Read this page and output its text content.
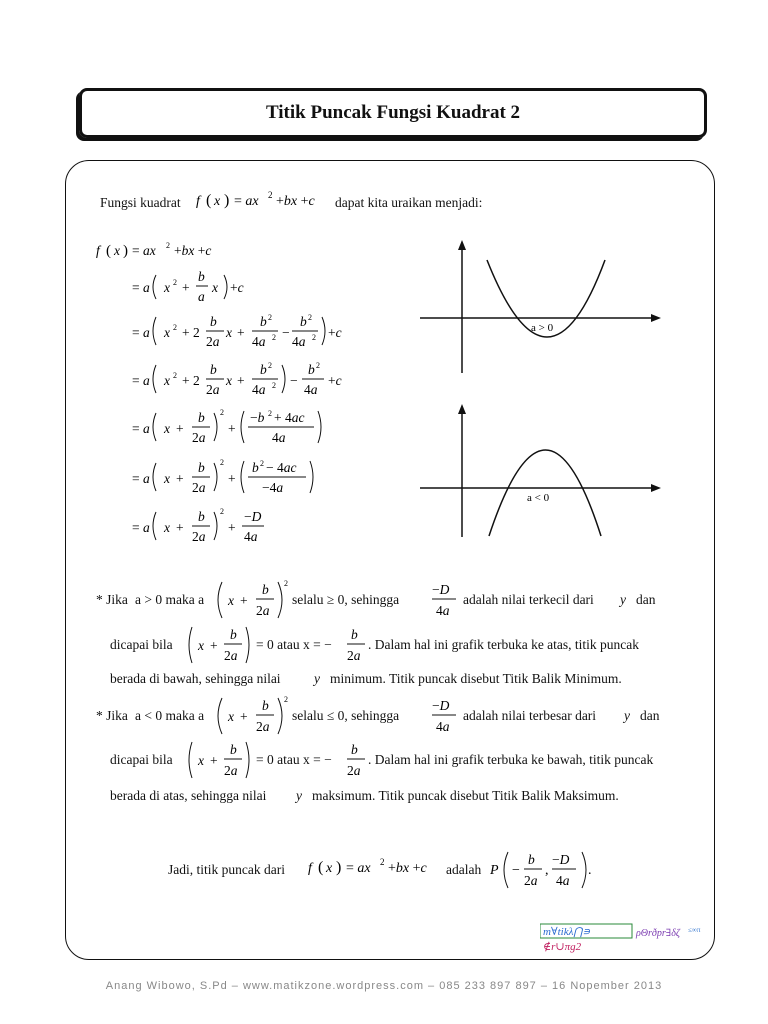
Titik Puncak Fungsi Kuadrat 2
Fungsi kuadrat f ( x ) = ax 2 +bx +c dapat kita uraikan menjadi:
f ( x ) = ax 2 +bx +c
= a x 2 +
b
a
x +c
= a x 2 + 2
b
2a
x +
b 2
4a 2 −
b 2
4a 2 +c
= a x 2 + 2
b
2a
x +
b 2
4a 2 −
b 2
4a
+c
= a x +
b
2a
2
+
−b 2 + 4ac
4a
= a x +
b
2a
2
+
b 2 − 4ac
−4a
= a x +
b
2a
2
+
−D
4a
a > 0
a < 0
* Jika a > 0 maka a x +
b
2a
2
selalu ≥ 0, sehingga
−D
4a
adalah nilai terkecil dari y dan
dicapai bila x +
b
2a
= 0 atau x = −
b
2a
. Dalam hal ini grafik terbuka ke atas, titik puncak
berada di bawah, sehingga nilai y minimum. Titik puncak disebut Titik Balik Minimum.
* Jika a < 0 maka a x +
b
2a
2
selalu ≤ 0, sehingga
−D
4a
adalah nilai terbesar dari y dan
dicapai bila x +
b
2a
= 0 atau x = −
b
2a
. Dalam hal ini grafik terbuka ke bawah, titik puncak
berada di atas, sehingga nilai y maksimum. Titik puncak disebut Titik Balik Maksimum.
Jadi, titik puncak dari f ( x ) = ax 2 +bx +c adalah P −
b
2a
,
−D
4a
.
m∀tikλ⋂∍
∉r∪πg2
ρΘrðpr∃δζ ≤∞π
Anang Wibowo, S.Pd – www.matikzone.wordpress.com – 085 233 897 897 – 16 Nopember 2013
